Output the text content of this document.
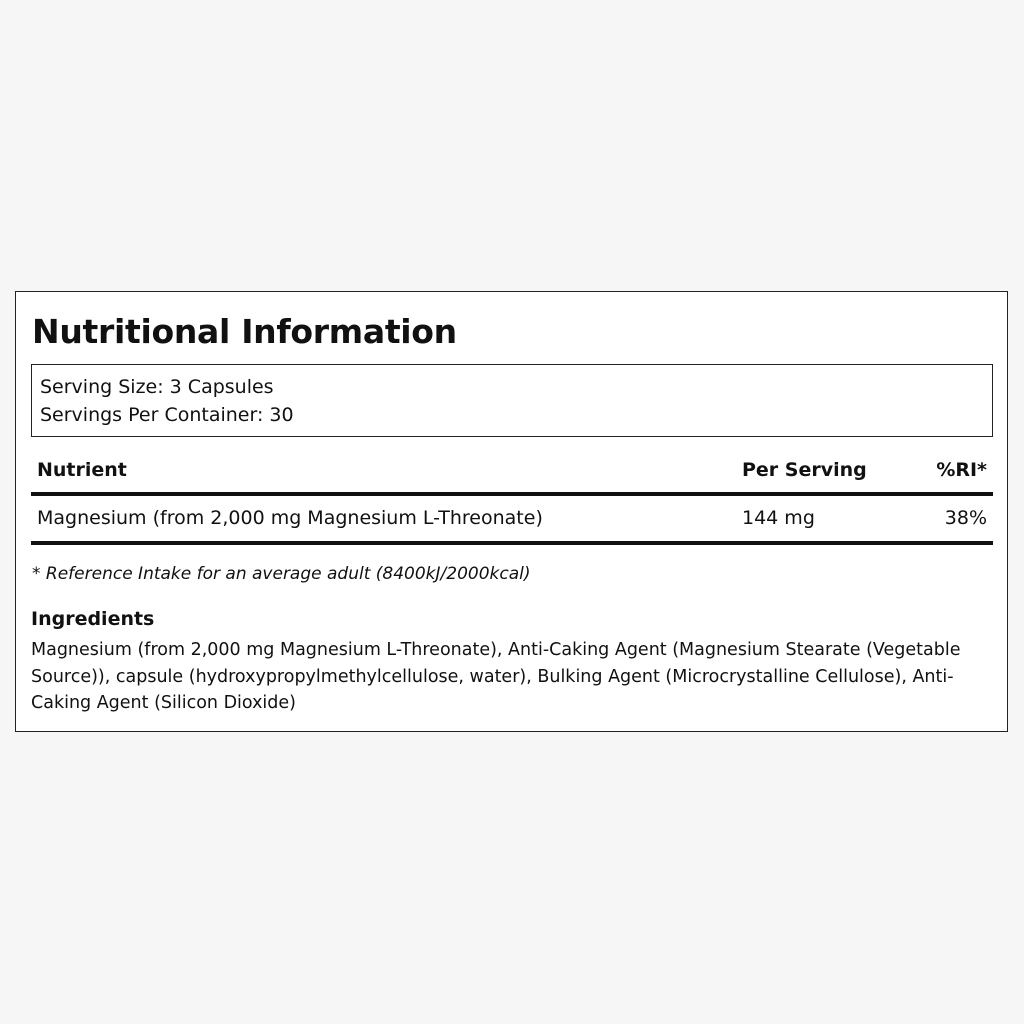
Nutritional Information
Serving Size: 3 Capsules
Servings Per Container: 30
Nutrient	Per Serving	%RI*
Magnesium (from 2,000 mg Magnesium L-Threonate)	144 mg	38%
* Reference Intake for an average adult (8400kJ/2000kcal)
Ingredients

Magnesium (from 2,000 mg Magnesium L-Threonate), Anti-Caking Agent (Magnesium Stearate (Vegetable Source)), capsule (hydroxypropylmethylcellulose, water), Bulking Agent (Microcrystalline Cellulose), Anti-Caking Agent (Silicon Dioxide)
